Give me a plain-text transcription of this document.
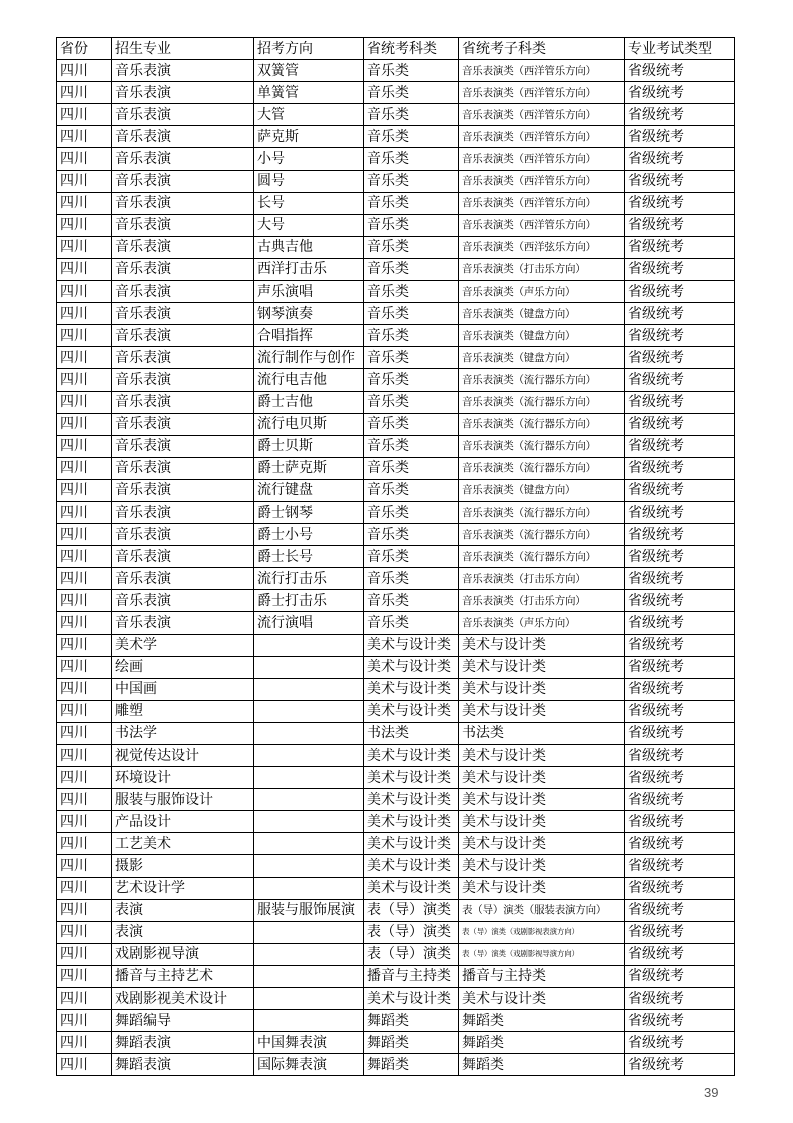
省份	招生专业	招考方向	省统考科类	省统考子科类	专业考试类型
四川	音乐表演	双簧管	音乐类	音乐表演类（西洋管乐方向）	省级统考
四川	音乐表演	单簧管	音乐类	音乐表演类（西洋管乐方向）	省级统考
四川	音乐表演	大管	音乐类	音乐表演类（西洋管乐方向）	省级统考
四川	音乐表演	萨克斯	音乐类	音乐表演类（西洋管乐方向）	省级统考
四川	音乐表演	小号	音乐类	音乐表演类（西洋管乐方向）	省级统考
四川	音乐表演	圆号	音乐类	音乐表演类（西洋管乐方向）	省级统考
四川	音乐表演	长号	音乐类	音乐表演类（西洋管乐方向）	省级统考
四川	音乐表演	大号	音乐类	音乐表演类（西洋管乐方向）	省级统考
四川	音乐表演	古典吉他	音乐类	音乐表演类（西洋弦乐方向）	省级统考
四川	音乐表演	西洋打击乐	音乐类	音乐表演类（打击乐方向）	省级统考
四川	音乐表演	声乐演唱	音乐类	音乐表演类（声乐方向）	省级统考
四川	音乐表演	钢琴演奏	音乐类	音乐表演类（键盘方向）	省级统考
四川	音乐表演	合唱指挥	音乐类	音乐表演类（键盘方向）	省级统考
四川	音乐表演	流行制作与创作	音乐类	音乐表演类（键盘方向）	省级统考
四川	音乐表演	流行电吉他	音乐类	音乐表演类（流行器乐方向）	省级统考
四川	音乐表演	爵士吉他	音乐类	音乐表演类（流行器乐方向）	省级统考
四川	音乐表演	流行电贝斯	音乐类	音乐表演类（流行器乐方向）	省级统考
四川	音乐表演	爵士贝斯	音乐类	音乐表演类（流行器乐方向）	省级统考
四川	音乐表演	爵士萨克斯	音乐类	音乐表演类（流行器乐方向）	省级统考
四川	音乐表演	流行键盘	音乐类	音乐表演类（键盘方向）	省级统考
四川	音乐表演	爵士钢琴	音乐类	音乐表演类（流行器乐方向）	省级统考
四川	音乐表演	爵士小号	音乐类	音乐表演类（流行器乐方向）	省级统考
四川	音乐表演	爵士长号	音乐类	音乐表演类（流行器乐方向）	省级统考
四川	音乐表演	流行打击乐	音乐类	音乐表演类（打击乐方向）	省级统考
四川	音乐表演	爵士打击乐	音乐类	音乐表演类（打击乐方向）	省级统考
四川	音乐表演	流行演唱	音乐类	音乐表演类（声乐方向）	省级统考
四川	美术学		美术与设计类	美术与设计类	省级统考
四川	绘画		美术与设计类	美术与设计类	省级统考
四川	中国画		美术与设计类	美术与设计类	省级统考
四川	雕塑		美术与设计类	美术与设计类	省级统考
四川	书法学		书法类	书法类	省级统考
四川	视觉传达设计		美术与设计类	美术与设计类	省级统考
四川	环境设计		美术与设计类	美术与设计类	省级统考
四川	服装与服饰设计		美术与设计类	美术与设计类	省级统考
四川	产品设计		美术与设计类	美术与设计类	省级统考
四川	工艺美术		美术与设计类	美术与设计类	省级统考
四川	摄影		美术与设计类	美术与设计类	省级统考
四川	艺术设计学		美术与设计类	美术与设计类	省级统考
四川	表演	服装与服饰展演	表（导）演类	表（导）演类（服装表演方向）	省级统考
四川	表演		表（导）演类	表（导）演类（戏剧影视表演方向）	省级统考
四川	戏剧影视导演		表（导）演类	表（导）演类（戏剧影视导演方向）	省级统考
四川	播音与主持艺术		播音与主持类	播音与主持类	省级统考
四川	戏剧影视美术设计		美术与设计类	美术与设计类	省级统考
四川	舞蹈编导		舞蹈类	舞蹈类	省级统考
四川	舞蹈表演	中国舞表演	舞蹈类	舞蹈类	省级统考
四川	舞蹈表演	国际舞表演	舞蹈类	舞蹈类	省级统考
39
